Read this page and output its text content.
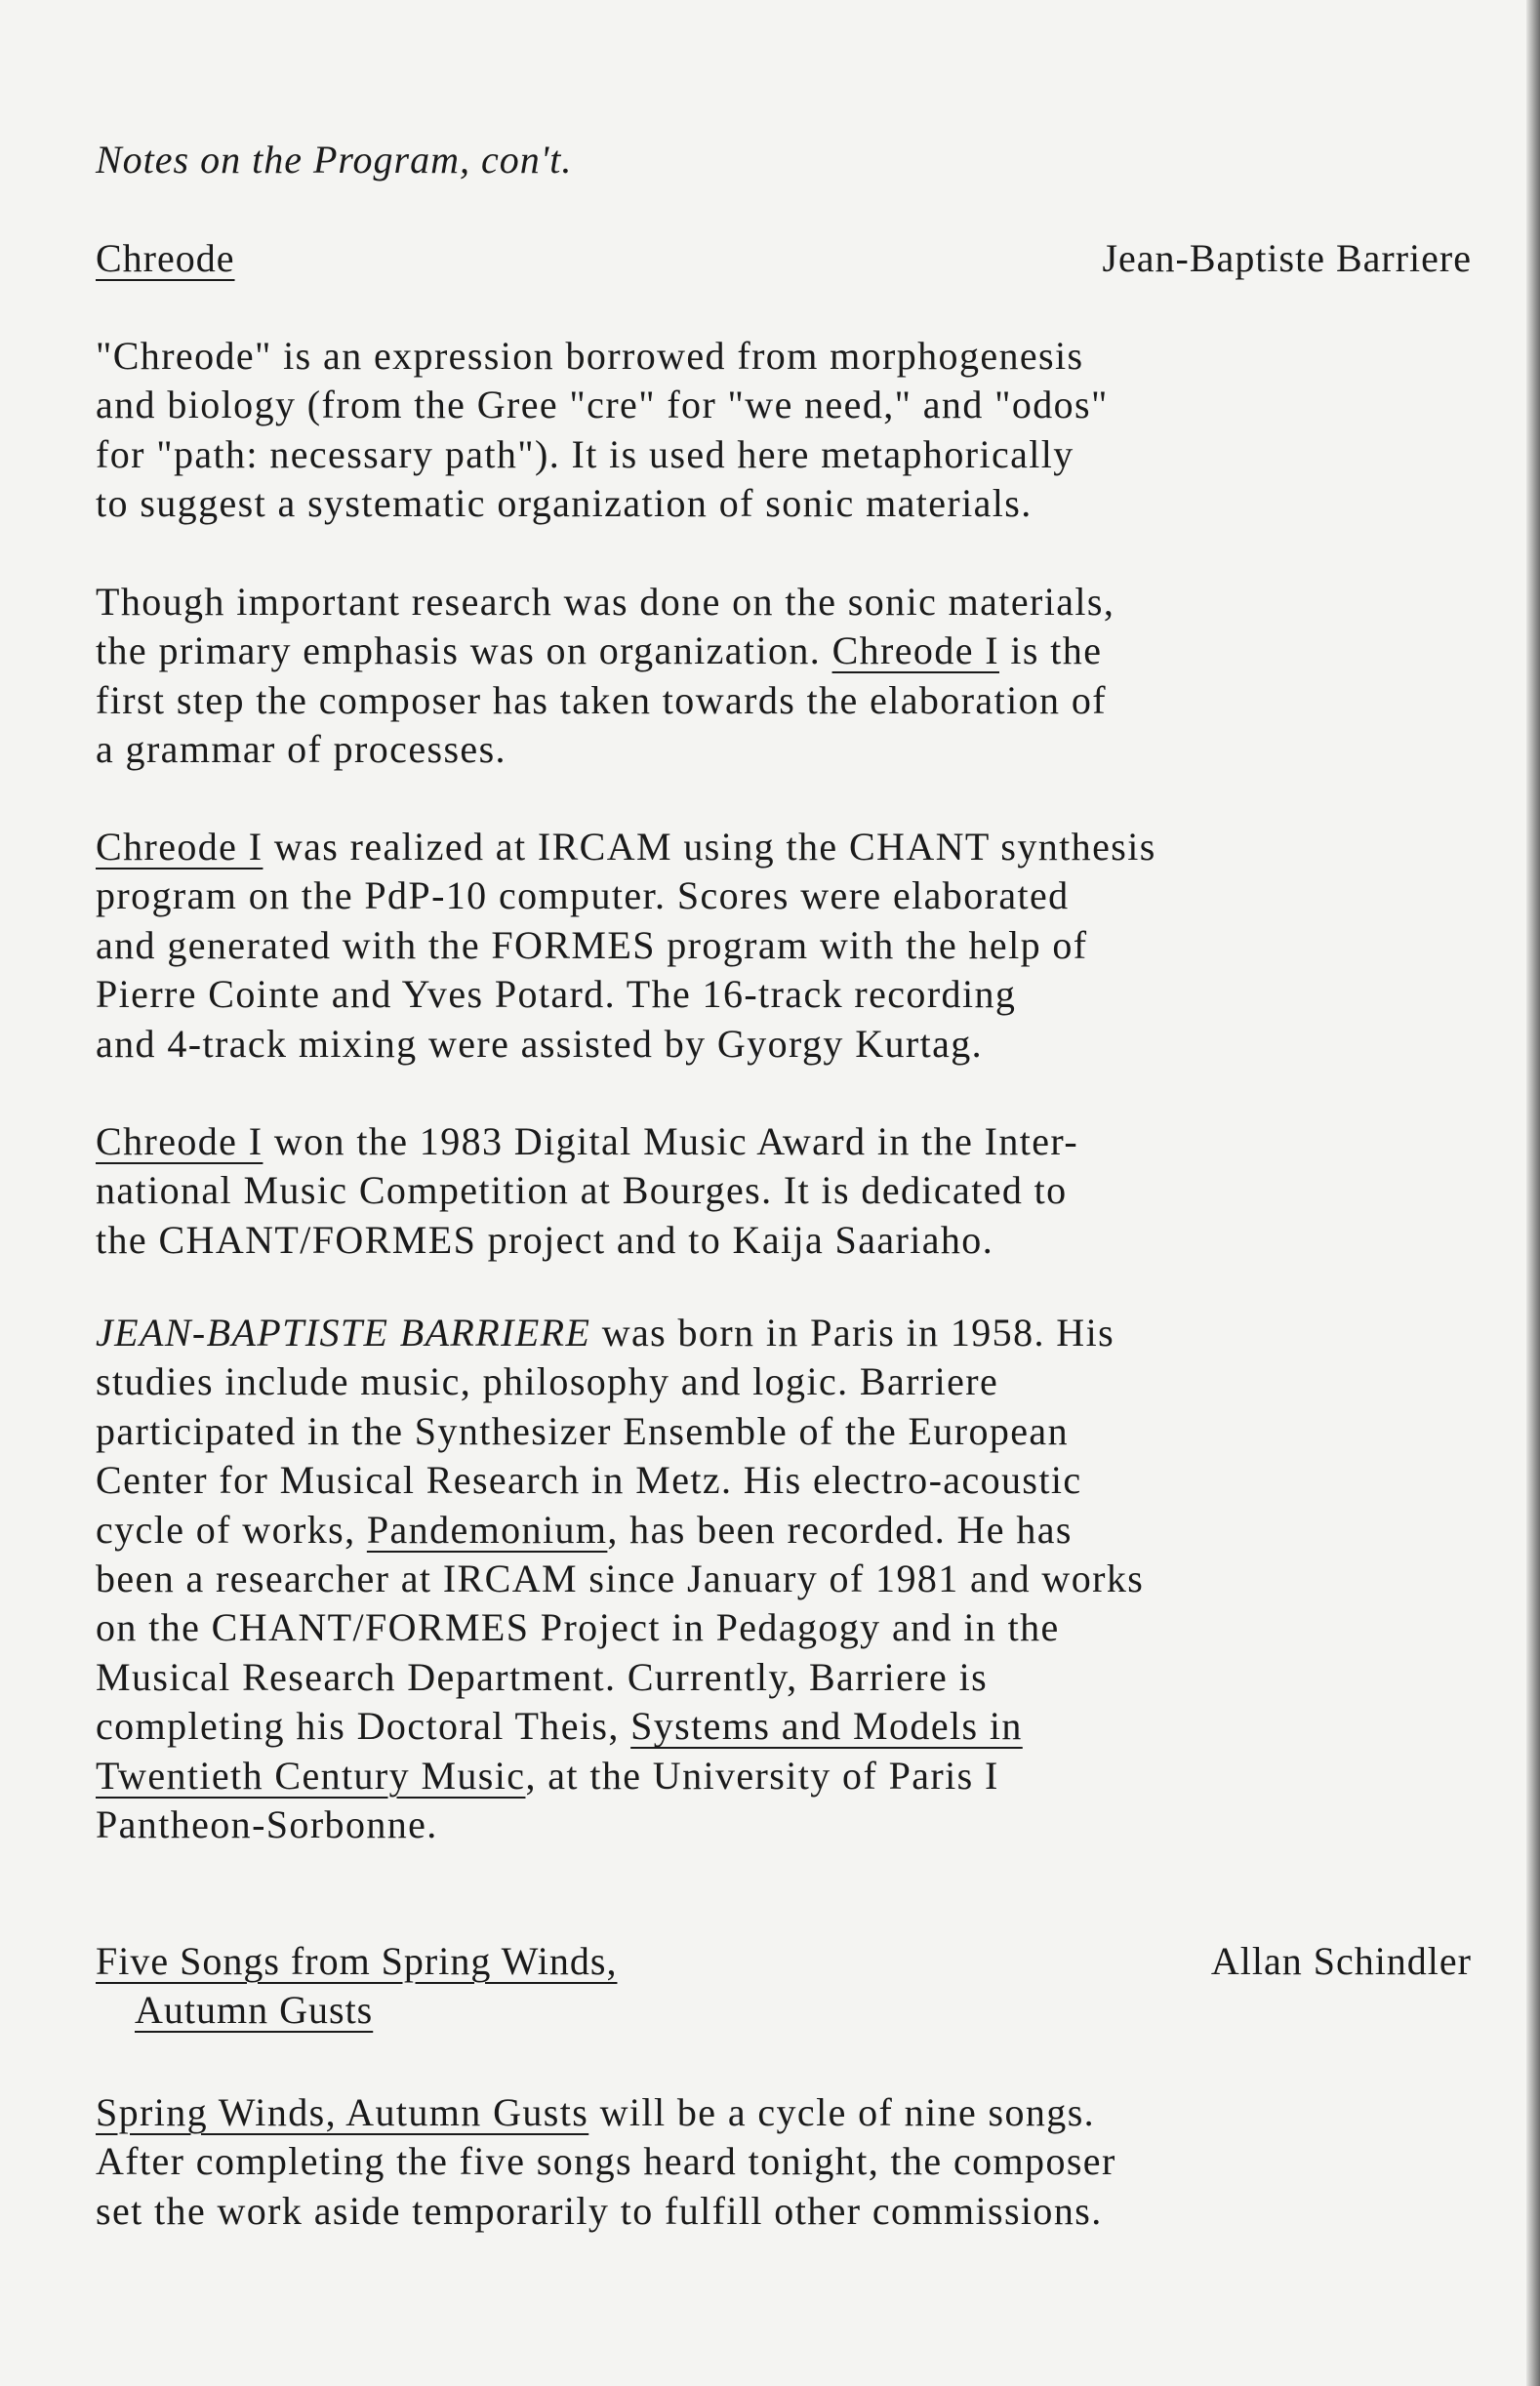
Notes on the Program, con't.
Chreode	Jean-Baptiste Barriere
"Chreode" is an expression borrowed from morphogenesis
and biology (from the Gree "cre" for "we need," and "odos"
for "path: necessary path"). It is used here metaphorically
to suggest a systematic organization of sonic materials.
Though important research was done on the sonic materials,
the primary emphasis was on organization. Chreode I is the
first step the composer has taken towards the elaboration of
a grammar of processes.
Chreode I was realized at IRCAM using the CHANT synthesis
program on the PdP-10 computer. Scores were elaborated
and generated with the FORMES program with the help of
Pierre Cointe and Yves Potard. The 16-track recording
and 4-track mixing were assisted by Gyorgy Kurtag.
Chreode I won the 1983 Digital Music Award in the Inter-
national Music Competition at Bourges. It is dedicated to
the CHANT/FORMES project and to Kaija Saariaho.
JEAN-BAPTISTE BARRIERE was born in Paris in 1958. His
studies include music, philosophy and logic. Barriere
participated in the Synthesizer Ensemble of the European
Center for Musical Research in Metz. His electro-acoustic
cycle of works, Pandemonium, has been recorded. He has
been a researcher at IRCAM since January of 1981 and works
on the CHANT/FORMES Project in Pedagogy and in the
Musical Research Department. Currently, Barriere is
completing his Doctoral Theis, Systems and Models in
Twentieth Century Music, at the University of Paris I
Pantheon-Sorbonne.
Five Songs from Spring Winds,
Autumn Gusts
Allan Schindler
Spring Winds, Autumn Gusts will be a cycle of nine songs.
After completing the five songs heard tonight, the composer
set the work aside temporarily to fulfill other commissions.
